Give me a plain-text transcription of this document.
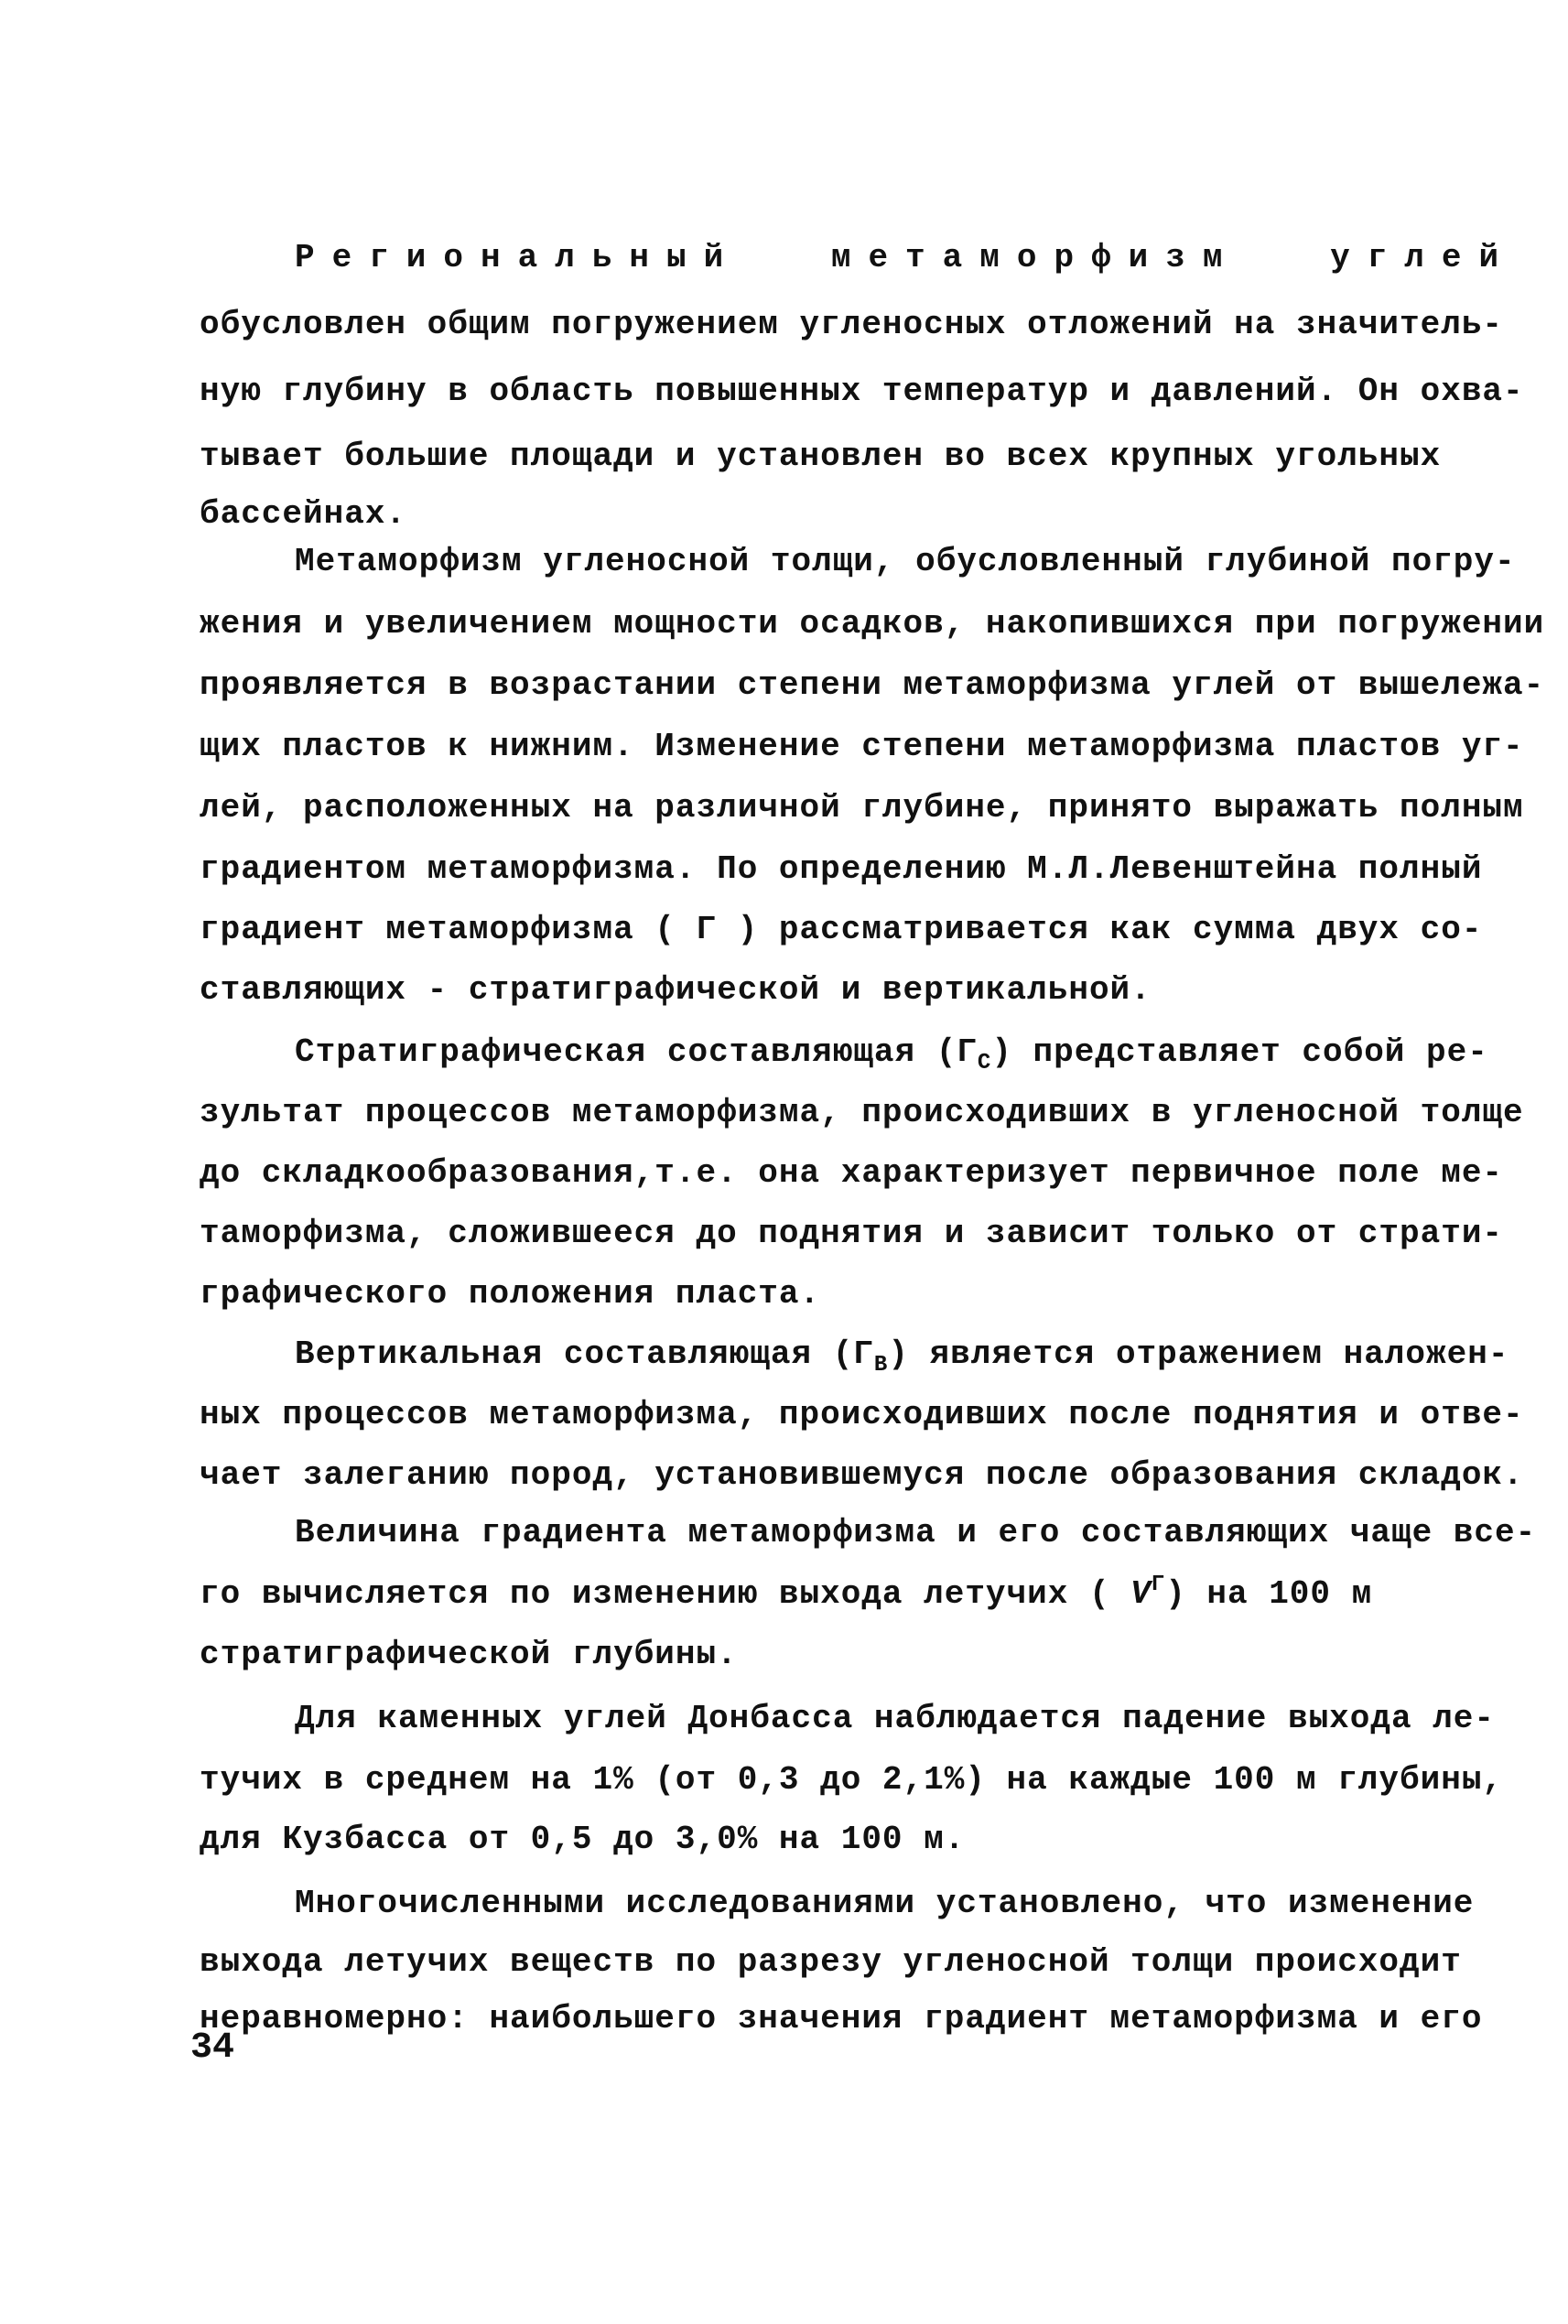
Региональный метаморфизм углей
обусловлен общим погружением угленосных отложений на значитель-
ную глубину в область повышенных температур и давлений. Он охва-
тывает большие площади и установлен во всех крупных угольных
бассейнах.
Метаморфизм угленосной толщи, обусловленный глубиной погру-
жения и увеличением мощности осадков, накопившихся при погружении
проявляется в возрастании степени метаморфизма углей от вышележа-
щих пластов к нижним. Изменение степени метаморфизма пластов уг-
лей, расположенных на различной глубине, принято выражать полным
градиентом метаморфизма. По определению М.Л.Левенштейна полный
градиент метаморфизма ( Г ) рассматривается как сумма двух со-
ставляющих - стратиграфической и вертикальной.
Стратиграфическая составляющая $(Г_С)$ представляет собой ре-
зультат процессов метаморфизма, происходивших в угленосной толще
до складкообразования,т.е. она характеризует первичное поле ме-
таморфизма, сложившееся до поднятия и зависит только от страти-
графического положения пласта.
Вертикальная составляющая $(Г_В)$ является отражением наложен-
ных процессов метаморфизма, происходивших после поднятия и отве-
чает залеганию пород, установившемуся после образования складок.
Величина градиента метаморфизма и его составляющих чаще все-
го вычисляется по изменению выхода летучих ( $V^Г$) на 100 м
стратиграфической глубины.
Для каменных углей Донбасса наблюдается падение выхода ле-
тучих в среднем на 1% (от 0,3 до 2,1%) на каждые 100 м глубины,
для Кузбасса от 0,5 до 3,0% на 100 м.
Многочисленными исследованиями установлено, что изменение
выхода летучих веществ по разрезу угленосной толщи происходит
неравномерно: наибольшего значения градиент метаморфизма и его
34
